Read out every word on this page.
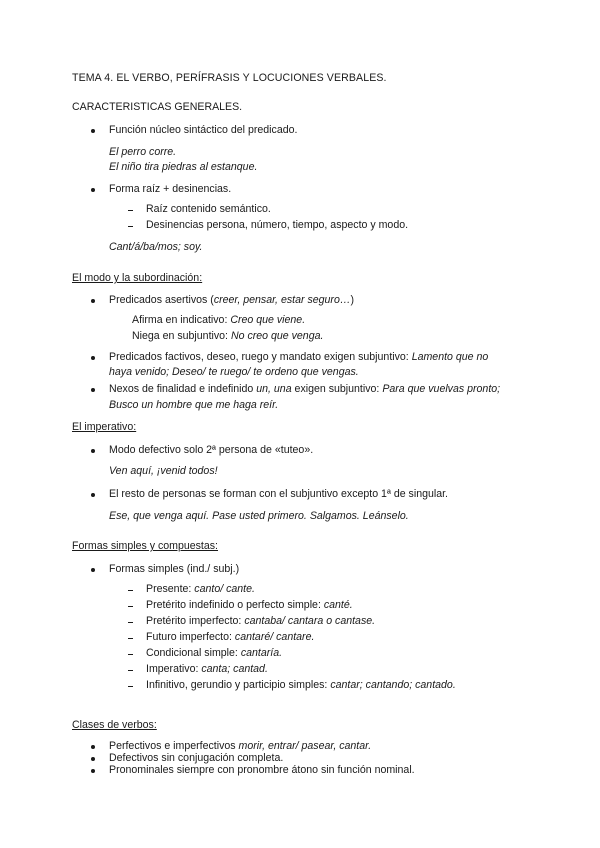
TEMA 4. EL VERBO, PERÍFRASIS Y LOCUCIONES VERBALES.
CARACTERISTICAS GENERALES.
Función núcleo sintáctico del predicado.
El perro corre.
El niño tira piedras al estanque.
Forma raíz + desinencias.
Raíz contenido semántico.
Desinencias persona, número, tiempo, aspecto y modo.
Cant/á/ba/mos; soy.
El modo y la subordinación:
Predicados asertivos (creer, pensar, estar seguro…)
Afirma en indicativo: Creo que viene.
Niega en subjuntivo: No creo que venga.
Predicados factivos, deseo, ruego y mandato exigen subjuntivo: Lamento que no
haya venido; Deseo/ te ruego/ te ordeno que vengas.
Nexos de finalidad e indefinido un, una exigen subjuntivo: Para que vuelvas pronto;
Busco un hombre que me haga reír.
El imperativo:
Modo defectivo solo 2ª persona de «tuteo».
Ven aquí, ¡venid todos!
El resto de personas se forman con el subjuntivo excepto 1ª de singular.
Ese, que venga aquí. Pase usted primero. Salgamos. Leánselo.
Formas simples y compuestas:
Formas simples (ind./ subj.)
Presente: canto/ cante.
Pretérito indefinido o perfecto simple: canté.
Pretérito imperfecto: cantaba/ cantara o cantase.
Futuro imperfecto: cantaré/ cantare.
Condicional simple: cantaría.
Imperativo: canta; cantad.
Infinitivo, gerundio y participio simples: cantar; cantando; cantado.
Clases de verbos:
Perfectivos e imperfectivos morir, entrar/ pasear, cantar.
Defectivos sin conjugación completa.
Pronominales siempre con pronombre átono sin función nominal.
